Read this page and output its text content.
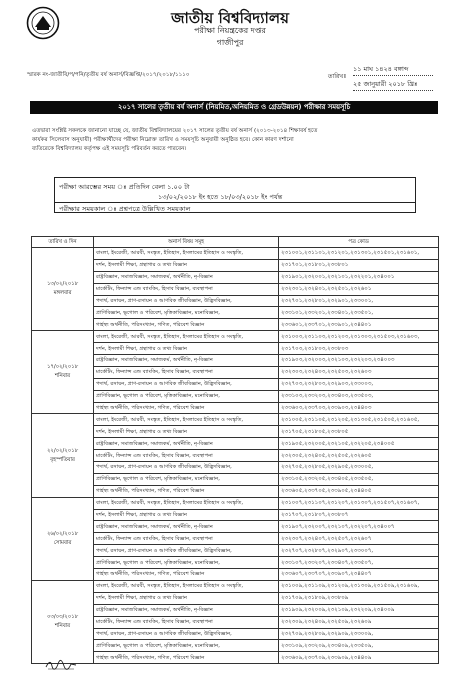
জাতীয় বিশ্ববিদ্যালয়
পরীক্ষা নিয়ন্ত্রকের দপ্তর
গাজীপুর
স্মারক নং-জাতীবি/প/পনি/তৃতীয় বর্ষ অনার্স/বিজ্ঞপ্তি/২০১৭/২০১৮/১১১০	তারিখঃ
১১ মাঘ ১৪২৪ বঙ্গাব্দ
২৫ জানুয়ারী ২০১৮ খ্রিঃ
২০১৭ সালের তৃতীয় বর্ষ অনার্স (নিয়মিত,অনিয়মিত ও গ্রেডউন্নয়ন) পরীক্ষার সময়সূচি
এতদ্বারা সংশ্লিষ্ট সকলকে জানানো যাচ্ছে যে, জাতীয় বিশ্ববিদ্যালয়ের ২০১৭ সালের তৃতীয় বর্ষ অনার্স (২০১৩-২০১৪ শিক্ষাবর্ষ হতে
কার্যকর সিলেবাস অনুযায়ী) পরীক্ষার্থীদের পরীক্ষা নিম্নোক্ত তারিখ ও সময়সূচি অনুযায়ী অনুষ্ঠিত হবে। কোন কারণ দর্শানো
ব্যতিরেকে বিশ্ববিদ্যালয় কর্তৃপক্ষ এই সময়সূচি পরিবর্তন করতে পারবেন।
পরীক্ষা আরম্ভের সময় ঃ প্রতিদিন বেলা ১.০০ টা
১৩/০২/২০১৮ ইং হতে ১৮/০৩/২০১৮ ইং পর্যন্ত
পরীক্ষার সময়কাল ঃ প্রশ্নপত্রে উল্লিখিত সময়কাল
তারিখ ও দিন	অনার্স বিষয় সমূহ	পত্র কোড

১৩/০২/২০১৮
মঙ্গলবার	বাংলা, ইংরেজী, আরবী, সংস্কৃত, ইতিহাস, ইসলামের ইতিহাস ও সংস্কৃতি,	২৩১০০১,২৩১১০১,২৩১২০১,২৩১৩০১,২৩১৫০১,২৩১৬০১,
	দর্শন, ইসলামী শিক্ষা, গ্রন্থাগার ও তথ্য বিজ্ঞান	২৩১৭০১,২৩১৮০১,২৩৩৮০১
	রাষ্ট্রবিজ্ঞান, সমাজবিজ্ঞান, সমাজকর্ম, অর্থনীতি, নৃ-বিজ্ঞান	২৩১৯০১,২৩২০০১,২৩২১০১,২৩২২০১,২৩৪০০১
	মার্কেটিং, ফিন্যান্স এন্ড ব্যাংকিং, হিসাব বিজ্ঞান, ব্যবস্থাপনা	২৩২৩০১,২৩২৪০১,২৩২৫০১,২৩২৬০১
	পদার্থ, রসায়ন, প্রাণ-রসায়ন ও আণবিক জীববিজ্ঞান, উদ্ভিদবিজ্ঞান,	২৩২৭০১,২৩২৮০১,২৩২৯০১,২৩৩০০১,
	প্রাণিবিজ্ঞান, ভূগোল ও পরিবেশ, মৃত্তিকাবিজ্ঞান, মনোবিজ্ঞান,	২৩৩১০১,২৩৩২০১,২৩৩৪০১,২৩৩৫০১,
	গার্হস্থ্য অর্থনীতি, পরিসংখ্যান, গণিত, পরিবেশ বিজ্ঞান	২৩৩৬০১,২৩৩৭০১,২৩৩৯০১,২৩৪৪০১

১৭/০২/২০১৮
শনিবার	বাংলা, ইংরেজী, আরবী, সংস্কৃত, ইতিহাস, ইসলামের ইতিহাস ও সংস্কৃতি,	২৩১০০৩,২৩১১০৩,২৩১২০৩,২৩১৩০৩,২৩১৫০৩,২৩১৬০৩,
	দর্শন, ইসলামী শিক্ষা, গ্রন্থাগার ও তথ্য বিজ্ঞান	২৩১৭০৩,২৩১৮০৩,২৩৩৮০৩
	রাষ্ট্রবিজ্ঞান, সমাজবিজ্ঞান, সমাজকর্ম, অর্থনীতি, নৃ-বিজ্ঞান	২৩১৯০৩,২৩২০০৩,২৩২১০৩,২৩২২০৩,২৩৪০০৩
	মার্কেটিং, ফিন্যান্স এন্ড ব্যাংকিং, হিসাব বিজ্ঞান, ব্যবস্থাপনা	২৩২৩০৩,২৩২৪০৩,২৩২৫০৩,২৩২৬০৩
	পদার্থ, রসায়ন, প্রাণ-রসায়ন ও আণবিক জীববিজ্ঞান, উদ্ভিদবিজ্ঞান,	২৩২৭০৩,২৩২৮০৩,২৩২৯০৩,২৩৩০০৩,
	প্রাণিবিজ্ঞান, ভূগোল ও পরিবেশ, মৃত্তিকাবিজ্ঞান, মনোবিজ্ঞান,	২৩৩১০৩,২৩৩২০৩,২৩৩৪০৩,২৩৩৫০৩,
	গার্হস্থ্য অর্থনীতি, পরিসংখ্যান, গণিত, পরিবেশ বিজ্ঞান	২৩৩৬০৩,২৩৩৭০৩,২৩৩৯০৩,২৩৪৪০৩

২২/০২/২০১৮
বৃহস্পতিবার	বাংলা, ইংরেজী, আরবী, সংস্কৃত, ইতিহাস, ইসলামের ইতিহাস ও সংস্কৃতি,	২৩১০০৫,২৩১১০৫,২৩১২০৫,২৩১৩০৫,২৩১৫০৫,২৩১৬০৫,
	দর্শন, ইসলামী শিক্ষা, গ্রন্থাগার ও তথ্য বিজ্ঞান	২৩১৭০৫,২৩১৮০৫,২৩৩৮০৫
	রাষ্ট্রবিজ্ঞান, সমাজবিজ্ঞান, সমাজকর্ম, অর্থনীতি, নৃ-বিজ্ঞান	২৩১৯০৫,২৩২০০৫,২৩২১০৫,২৩২২০৫,২৩৪০০৫
	মার্কেটিং, ফিন্যান্স এন্ড ব্যাংকিং, হিসাব বিজ্ঞান, ব্যবস্থাপনা	২৩২৩০৫,২৩২৪০৫,২৩২৫০৫,২৩২৬০৫
	পদার্থ, রসায়ন, প্রাণ-রসায়ন ও আণবিক জীববিজ্ঞান, উদ্ভিদবিজ্ঞান,	২৩২৭০৫,২৩২৮০৫,২৩২৯০৫,২৩৩০০৫,
	প্রাণিবিজ্ঞান, ভূগোল ও পরিবেশ, মৃত্তিকাবিজ্ঞান, মনোবিজ্ঞান,	২৩৩১০৫,২৩৩২০৫,২৩৩৪০৫,২৩৩৫০৫,
	গার্হস্থ্য অর্থনীতি, পরিসংখ্যান, গণিত, পরিবেশ বিজ্ঞান	২৩৩৬০৫,২৩৩৭০৫,২৩৩৯০৫,২৩৪৪০৫

২৬/০২/২০১৮
সোমবার	বাংলা, ইংরেজী, আরবী, সংস্কৃত, ইতিহাস, ইসলামের ইতিহাস ও সংস্কৃতি,	২৩১০০৭,২৩১১০৭,২৩১২০৭,২৩১৩০৭,২৩১৫০৭,২৩১৬০৭,
	দর্শন, ইসলামী শিক্ষা, গ্রন্থাগার ও তথ্য বিজ্ঞান	২৩১৭০৭,২৩১৮০৭,২৩৩৮০৭
	রাষ্ট্রবিজ্ঞান, সমাজবিজ্ঞান, সমাজকর্ম, অর্থনীতি, নৃ-বিজ্ঞান	২৩১৯০৭,২৩২০০৭,২৩২১০৭,২৩২২০৭,২৩৪০০৭
	মার্কেটিং, ফিন্যান্স এন্ড ব্যাংকিং, হিসাব বিজ্ঞান, ব্যবস্থাপনা	২৩২৩০৭,২৩২৪০৭,২৩২৫০৭,২৩২৬০৭
	পদার্থ, রসায়ন, প্রাণ-রসায়ন ও আণবিক জীববিজ্ঞান, উদ্ভিদবিজ্ঞান,	২৩২৭০৭,২৩২৮০৭,২৩২৯০৭,২৩৩০০৭,
	প্রাণিবিজ্ঞান, ভূগোল ও পরিবেশ, মৃত্তিকাবিজ্ঞান, মনোবিজ্ঞান,	২৩৩১০৭,২৩৩২০৭,২৩৩৪০৭,২৩৩৫০৭,
	গার্হস্থ্য অর্থনীতি, পরিসংখ্যান, গণিত, পরিবেশ বিজ্ঞান	২৩৩৬০৭,২৩৩৭০৭,২৩৩৯০৭,২৩৪৪০৭

০৩/০৩/২০১৮
শনিবার	বাংলা, ইংরেজী, আরবী, সংস্কৃত, ইতিহাস, ইসলামের ইতিহাস ও সংস্কৃতি,	২৩১০০৯,২৩১১০৯,২৩১২০৯,২৩১৩০৯,২৩১৫০৯,২৩১৬০৯,
	দর্শন, ইসলামী শিক্ষা, গ্রন্থাগার ও তথ্য বিজ্ঞান	২৩১৭০৯,২৩১৮০৯,২৩৩৮০৯
	রাষ্ট্রবিজ্ঞান, সমাজবিজ্ঞান, সমাজকর্ম, অর্থনীতি, নৃ-বিজ্ঞান	২৩১৯০৯,২৩২০০৯,২৩২১০৯,২৩২২০৯,২৩৪০০৯
	মার্কেটিং, ফিন্যান্স এন্ড ব্যাংকিং, হিসাব বিজ্ঞান, ব্যবস্থাপনা	২৩২৩০৯,২৩২৪০৯,২৩২৫০৯,২৩২৬০৯
	পদার্থ, রসায়ন, প্রাণ-রসায়ন ও আণবিক জীববিজ্ঞান, উদ্ভিদবিজ্ঞান,	২৩২৭০৯,২৩২৮০৯,২৩২৯০৯,২৩৩০০৯,
	প্রাণিবিজ্ঞান, ভূগোল ও পরিবেশ, মৃত্তিকাবিজ্ঞান, মনোবিজ্ঞান,	২৩৩১০৯,২৩৩২০৯,২৩৩৪০৯,২৩৩৫০৯,
	গার্হস্থ্য অর্থনীতি, পরিসংখ্যান, গণিত, পরিবেশ বিজ্ঞান	২৩৩৬০৯,২৩৩৭০৯,২৩৩৯০৯,২৩৪৪০৯
